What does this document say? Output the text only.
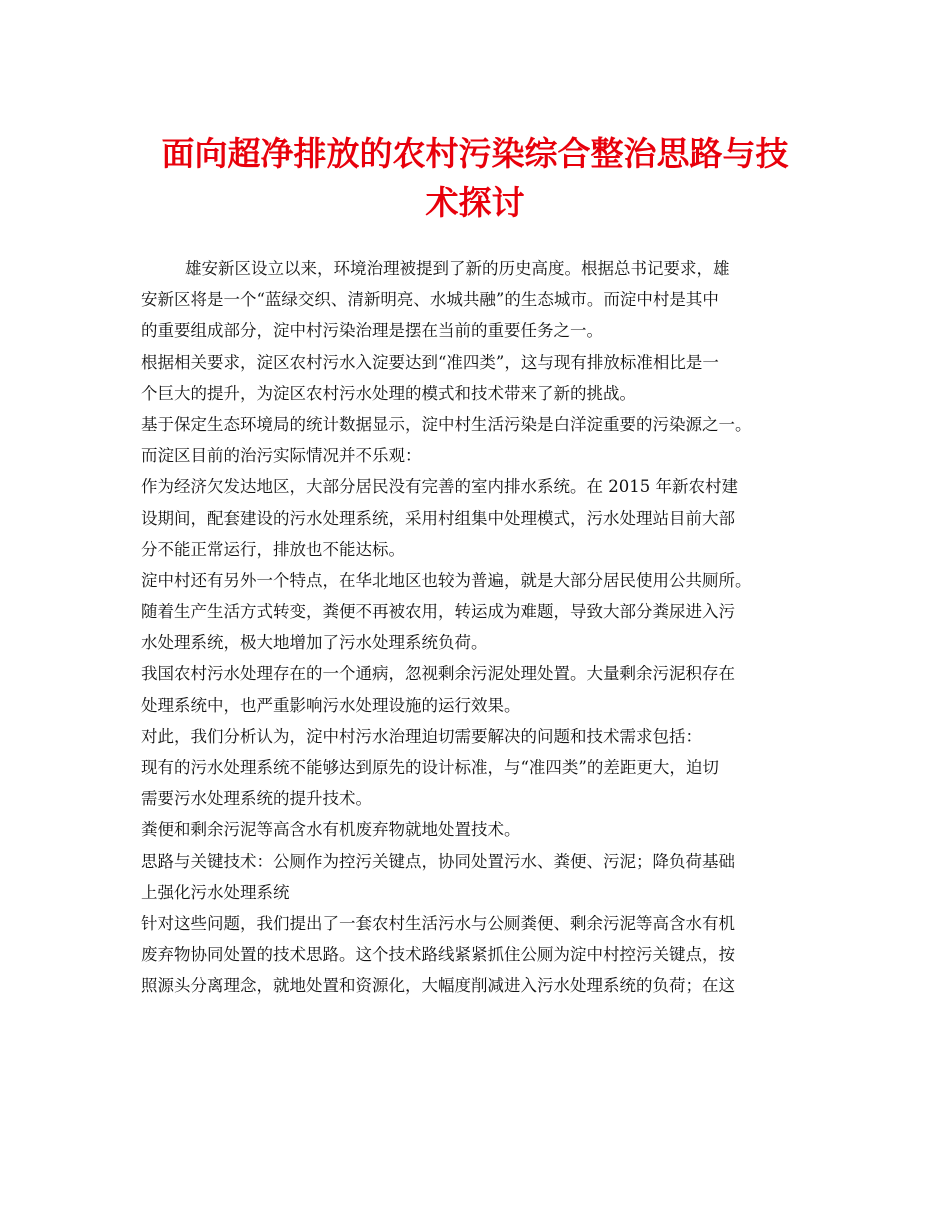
面向超净排放的农村污染综合整治思路与技
术探讨
雄安新区设立以来，环境治理被提到了新的历史高度。根据总书记要求，雄
安新区将是一个“蓝绿交织、清新明亮、水城共融”的生态城市。而淀中村是其中
的重要组成部分，淀中村污染治理是摆在当前的重要任务之一。
根据相关要求，淀区农村污水入淀要达到“准四类”，这与现有排放标准相比是一
个巨大的提升，为淀区农村污水处理的模式和技术带来了新的挑战。
基于保定生态环境局的统计数据显示，淀中村生活污染是白洋淀重要的污染源之一。
而淀区目前的治污实际情况并不乐观：
作为经济欠发达地区，大部分居民没有完善的室内排水系统。在 2015 年新农村建
设期间，配套建设的污水处理系统，采用村组集中处理模式，污水处理站目前大部
分不能正常运行，排放也不能达标。
淀中村还有另外一个特点，在华北地区也较为普遍，就是大部分居民使用公共厕所。
随着生产生活方式转变，粪便不再被农用，转运成为难题，导致大部分粪尿进入污
水处理系统，极大地增加了污水处理系统负荷。
我国农村污水处理存在的一个通病，忽视剩余污泥处理处置。大量剩余污泥积存在
处理系统中，也严重影响污水处理设施的运行效果。
对此，我们分析认为，淀中村污水治理迫切需要解决的问题和技术需求包括：
现有的污水处理系统不能够达到原先的设计标准，与“准四类”的差距更大，迫切
需要污水处理系统的提升技术。
粪便和剩余污泥等高含水有机废弃物就地处置技术。
思路与关键技术：公厕作为控污关键点，协同处置污水、粪便、污泥；降负荷基础
上强化污水处理系统
针对这些问题，我们提出了一套农村生活污水与公厕粪便、剩余污泥等高含水有机
废弃物协同处置的技术思路。这个技术路线紧紧抓住公厕为淀中村控污关键点，按
照源头分离理念，就地处置和资源化，大幅度削减进入污水处理系统的负荷；在这
